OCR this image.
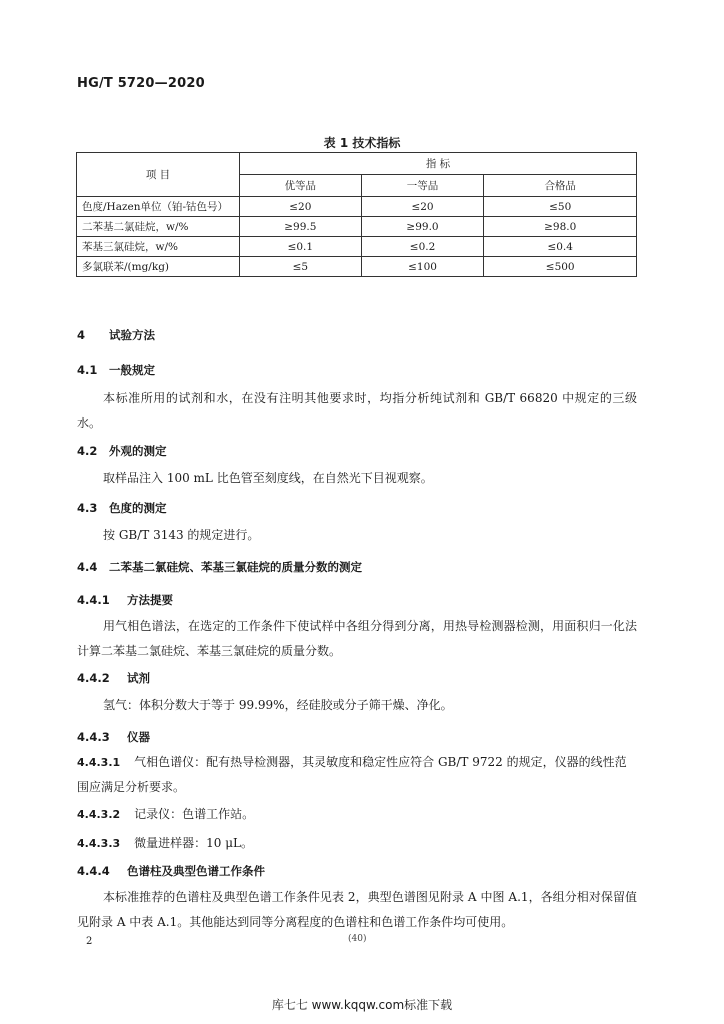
HG/T 5720—2020
表 1 技术指标
项 目	指 标		
	优等品	一等品	合格品
色度/Hazen单位（铂-钴色号）	≤20	≤20	≤50
二苯基二氯硅烷，w/%	≥99.5	≥99.0	≥98.0
苯基三氯硅烷，w/%	≤0.1	≤0.2	≤0.4
多氯联苯/(mg/kg)	≤5	≤100	≤500
4 试验方法
4.1 一般规定
本标准所用的试剂和水，在没有注明其他要求时，均指分析纯试剂和 GB/T 66820 中规定的三级水。
4.2 外观的测定
取样品注入 100 mL 比色管至刻度线，在自然光下目视观察。
4.3 色度的测定
按 GB/T 3143 的规定进行。
4.4 二苯基二氯硅烷、苯基三氯硅烷的质量分数的测定
4.4.1 方法提要
用气相色谱法，在选定的工作条件下使试样中各组分得到分离，用热导检测器检测，用面积归一化法计算二苯基二氯硅烷、苯基三氯硅烷的质量分数。
4.4.2 试剂
氢气：体积分数大于等于 99.99%，经硅胶或分子筛干燥、净化。
4.4.3 仪器
4.4.3.1 气相色谱仪：配有热导检测器，其灵敏度和稳定性应符合 GB/T 9722 的规定，仪器的线性范围应满足分析要求。
4.4.3.2 记录仪：色谱工作站。
4.4.3.3 微量进样器：10 μL。
4.4.4 色谱柱及典型色谱工作条件
本标准推荐的色谱柱及典型色谱工作条件见表 2，典型色谱图见附录 A 中图 A.1，各组分相对保留值见附录 A 中表 A.1。其他能达到同等分离程度的色谱柱和色谱工作条件均可使用。
2	(40)
库七七 www.kqqw.com标准下载
